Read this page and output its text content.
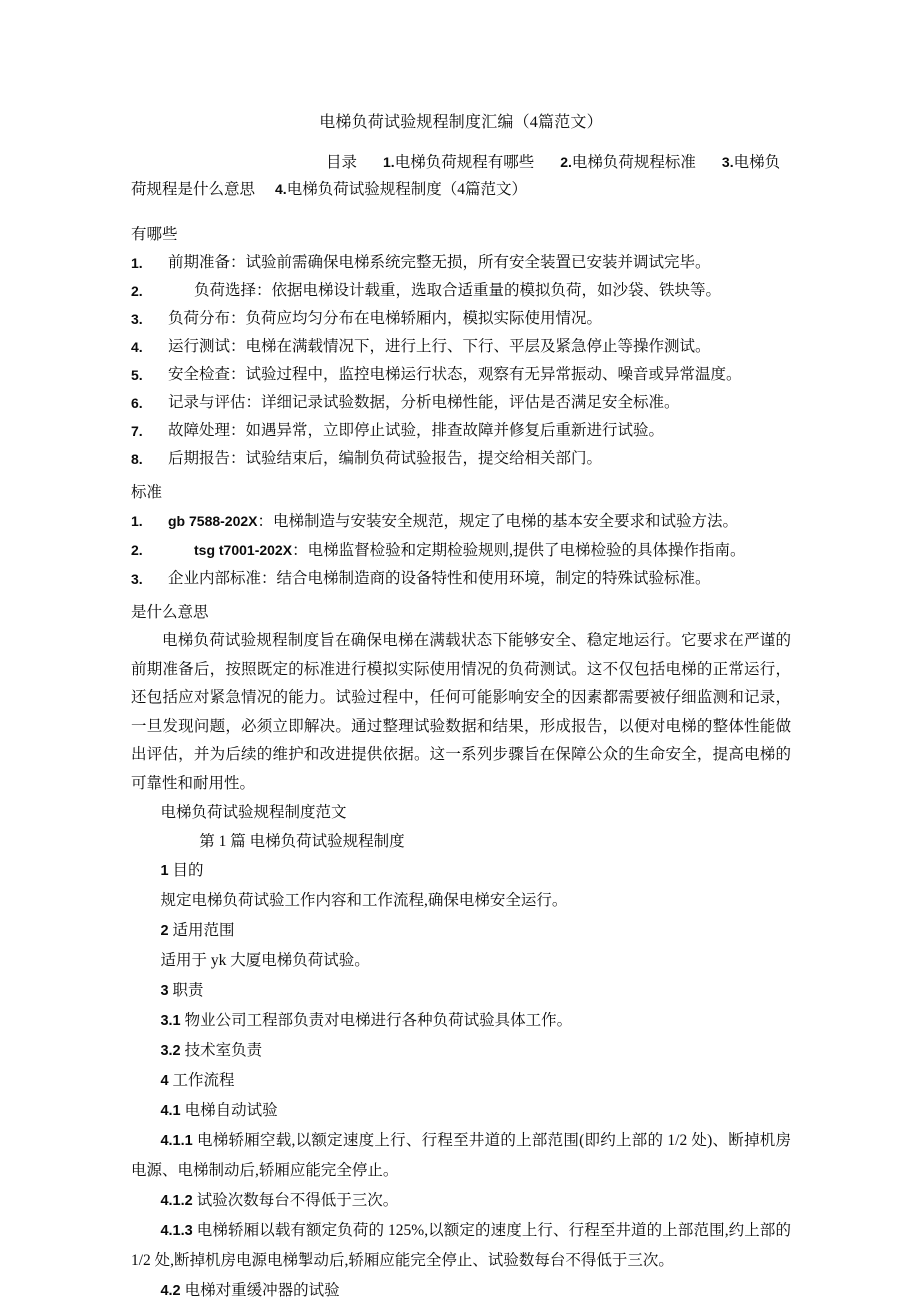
电梯负荷试验规程制度汇编（4篇范文）
目录 1.电梯负荷规程有哪些 2.电梯负荷规程标准 3.电梯负荷规程是什么意思 4.电梯负荷试验规程制度（4篇范文）
有哪些
1.	前期准备：试验前需确保电梯系统完整无损，所有安全装置已安装并调试完毕。
2.	负荷选择：依据电梯设计载重，选取合适重量的模拟负荷，如沙袋、铁块等。
3.	负荷分布：负荷应均匀分布在电梯轿厢内，模拟实际使用情况。
4.	运行测试：电梯在满载情况下，进行上行、下行、平层及紧急停止等操作测试。
5.	安全检查：试验过程中，监控电梯运行状态，观察有无异常振动、噪音或异常温度。
6.	记录与评估：详细记录试验数据，分析电梯性能，评估是否满足安全标准。
7.	故障处理：如遇异常，立即停止试验，排查故障并修复后重新进行试验。
8.	后期报告：试验结束后，编制负荷试验报告，提交给相关部门。
标准
1.	gb 7588-202X：电梯制造与安装安全规范，规定了电梯的基本安全要求和试验方法。
2.	tsg t7001-202X：电梯监督检验和定期检验规则,提供了电梯检验的具体操作指南。
3.	企业内部标准：结合电梯制造商的设备特性和使用环境，制定的特殊试验标准。
是什么意思

电梯负荷试验规程制度旨在确保电梯在满载状态下能够安全、稳定地运行。它要求在严谨的前期准备后，按照既定的标准进行模拟实际使用情况的负荷测试。这不仅包括电梯的正常运行，还包括应对紧急情况的能力。试验过程中，任何可能影响安全的因素都需要被仔细监测和记录，一旦发现问题，必须立即解决。通过整理试验数据和结果，形成报告，以便对电梯的整体性能做出评估，并为后续的维护和改进提供依据。这一系列步骤旨在保障公众的生命安全，提高电梯的可靠性和耐用性。

电梯负荷试验规程制度范文
第 1 篇 电梯负荷试验规程制度
1 目的
规定电梯负荷试验工作内容和工作流程,确保电梯安全运行。
2 适用范围
适用于 yk 大厦电梯负荷试验。
3 职责
3.1 物业公司工程部负责对电梯进行各种负荷试验具体工作。
3.2 技术室负责
4 工作流程
4.1 电梯自动试验
4.1.1 电梯轿厢空载,以额定速度上行、行程至井道的上部范围(即约上部的 1/2 处)、断掉机房电源、电梯制动后,轿厢应能完全停止。
4.1.2 试验次数每台不得低于三次。
4.1.3 电梯轿厢以载有额定负荷的 125%,以额定的速度上行、行程至井道的上部范围,约上部的 1/2 处,断掉机房电源电梯掣动后,轿厢应能完全停止、试验数每台不得低于三次。
4.2 电梯对重缓冲器的试验
